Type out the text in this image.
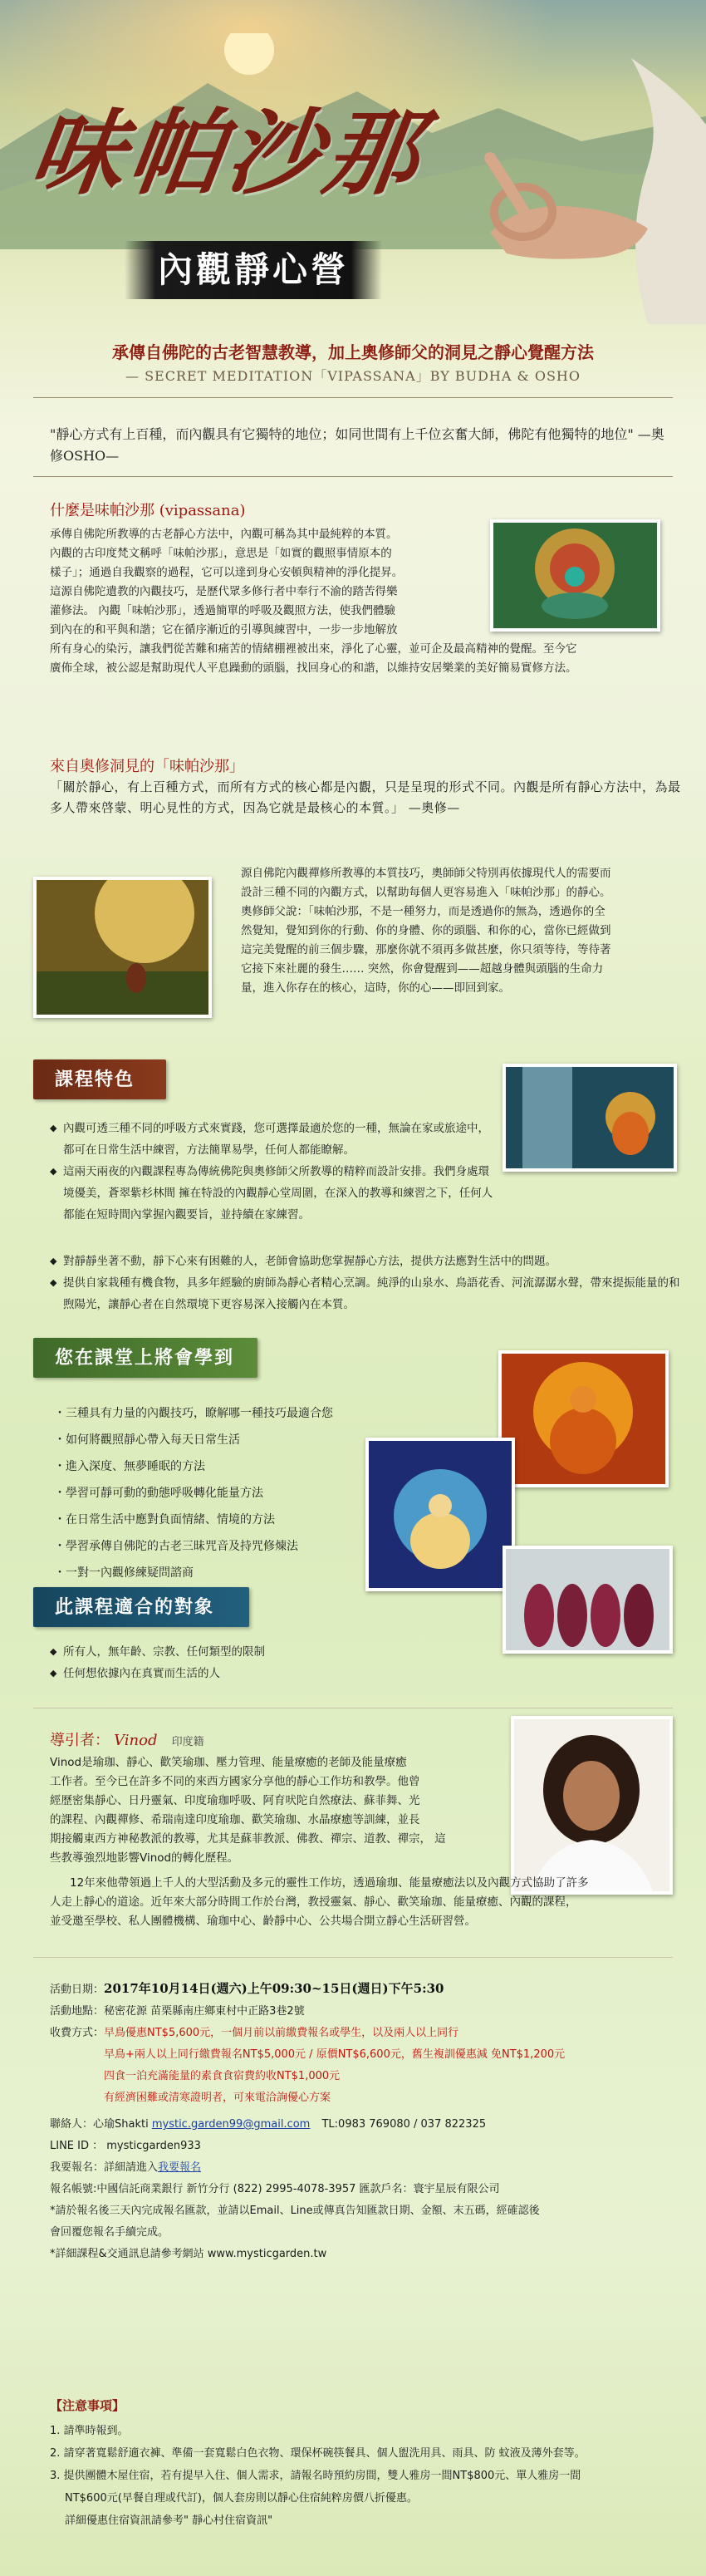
味帕沙那
內觀靜心營
承傳自佛陀的古老智慧教導，加上奧修師父的洞見之靜心覺醒方法
— SECRET MEDITATION「VIPASSANA」BY BUDHA & OSHO
"靜心方式有上百種，而內觀具有它獨特的地位；如同世間有上千位玄奮大師，佛陀有他獨特的地位" —奧修OSHO—
什麼是味帕沙那 (vipassana)
承傳自佛陀所教導的古老靜心方法中，內觀可稱為其中最純粹的本質。
內觀的古印度梵文稱呼「味帕沙那」，意思是「如實的觀照事情原本的
樣子」；通過自我觀察的過程，它可以達到身心安頓與精神的淨化提昇。
這源自佛陀遺教的內觀技巧，是歷代眾多修行者中奉行不渝的踏苦得樂
灌修法。 內觀「味帕沙那」，透過簡單的呼吸及觀照方法，使我們體驗
到內在的和平與和諧；它在循序漸近的引導與練習中，一步一步地解放
所有身心的染污，讓我們從苦難和痛苦的情緒棚裡被出來，淨化了心靈，並可企及最高精神的覺醒。至今它
廣佈全球，被公認是幫助現代人平息躁動的頭腦，找回身心的和諧，以維持安居樂業的美好簡易實修方法。
來自奧修洞見的「味帕沙那」
「關於靜心，有上百種方式，而所有方式的核心都是內觀，只是呈現的形式不同。內觀是所有靜心方法中，為最多人帶來啓蒙、明心見性的方式，因為它就是最核心的本質。」 —奧修—
源自佛陀內觀禪修所教導的本質技巧，奧師師父特別再依據現代人的需要而
設計三種不同的內觀方式，以幫助每個人更容易進入「味帕沙那」的靜心。
奧修師父說：「味帕沙那，不是一種努力，而是透過你的無為，透過你的全
然覺知，覺知到你的行動、你的身體、你的頭腦、和你的心，當你已經做到
這完美覺醒的前三個步驟，那麼你就不須再多做甚麼，你只須等待，等待著
它接下來社麗的發生…… 突然，你會覺醒到——超越身體與頭腦的生命力
量，進入你存在的核心，這時，你的心——即回到家。
課程特色
◆ 內觀可透三種不同的呼吸方式來實踐，您可選擇最適於您的一種，無論在家或旅途中，都可在日常生活中練習，方法簡單易學，任何人都能瞭解。
◆ 這兩天兩夜的內觀課程專為傳統佛陀與奧修師父所教導的精粹而設計安排。我們身處環境優美，蒼翠紫杉林間 擁在特設的內觀靜心堂周圍，在深入的教導和練習之下，任何人都能在短時間內掌握內觀要旨，並持續在家練習。
◆ 對靜靜坐著不動，靜下心來有困難的人，老師會協助您掌握靜心方法，提供方法應對生活中的問題。
◆ 提供自家栽種有機食物，具多年經驗的廚師為靜心者精心烹調。純淨的山泉水、鳥語花香、河流潺潺水聲，帶來提振能量的和煦陽光，讓靜心者在自然環境下更容易深入接觸內在本質。
您在課堂上將會學到
・三種具有力量的內觀技巧，瞭解哪一種技巧最適合您
・如何將觀照靜心帶入每天日常生活
・進入深度、無夢睡眠的方法
・學習可靜可動的動態呼吸轉化能量方法
・在日常生活中應對負面情緒、情境的方法
・學習承傳自佛陀的古老三昧咒音及持咒修煉法
・一對一內觀修練疑問諮商
此課程適合的對象
◆ 所有人，無年齡、宗教、任何類型的限制
◆ 任何想依據內在真實而生活的人
導引者： Vinod 印度籍
Vinod是瑜珈、靜心、歡笑瑜珈、壓力管理、能量療癒的老師及能量療癒
工作者。至今已在許多不同的來西方國家分享他的靜心工作坊和教學。他曾
經歷密集靜心、日丹靈氣、印度瑜珈呼吸、阿育吠陀自然療法、蘇菲舞、光
的課程、內觀禪修、希瑞南達印度瑜珈、歡笑瑜珈、水晶療癒等訓練，並長
期接觸東西方神秘教派的教導，尤其是蘇菲教派、佛教、禪宗、道教、禪宗， 這
些教導強烈地影響Vinod的轉化歷程。
12年來他帶領過上千人的大型活動及多元的靈性工作坊，透過瑜珈、能量療癒法以及內觀方式協助了許多
人走上靜心的道途。近年來大部分時間工作於台灣，教授靈氣、靜心、歡笑瑜珈、能量療癒、內觀的課程，
並受邀至學校、私人團體機構、瑜珈中心、齡靜中心、公共場合開立靜心生活研習營。
活動日期：2017年10月14日(週六)上午09:30~15日(週日)下午5:30
活動地點：秘密花源 苗栗縣南庄鄉東村中正路3巷2號
收費方式：早鳥優惠NT$5,600元，一個月前以前繳費報名或學生，以及兩人以上同行
早鳥+兩人以上同行繳費報名NT$5,000元 / 原價NT$6,600元，舊生複訓優惠減 免NT$1,200元
四食一泊充滿能量的素食食宿費約收NT$1,000元
有經濟困難或清寒證明者，可來電洽詢優心方案
聯絡人：心瑜Shakti mystic.garden99@gmail.com TL:0983 769080 / 037 822325
LINE ID ： mysticgarden933
我要報名：詳細請進入我要報名
報名帳號:中國信託商業銀行 新竹分行 (822) 2995-4078-3957 匯款戶名：寰宇星辰有限公司
*請於報名後三天內完成報名匯款，並請以Email、Line或傳真告知匯款日期、金額、末五碼，經確認後
會回覆您報名手續完成。
*詳細課程&交通訊息請參考網站 www.mysticgarden.tw
【注意事項】
1. 請準時報到。
2. 請穿著寬鬆舒適衣褲、準備一套寬鬆白色衣物、環保杯碗筷餐具、個人盥洗用具、雨具、防 蚊液及薄外套等。
3. 提供團體木屋住宿，若有提早入住、個人需求，請報名時預約房間，雙人雅房一間NT$800元、單人雅房一間
NT$600元(早餐自理或代訂)，個人套房則以靜心住宿純粹房價八折優惠。
詳細優惠住宿資訊請參考" 靜心村住宿資訊"
